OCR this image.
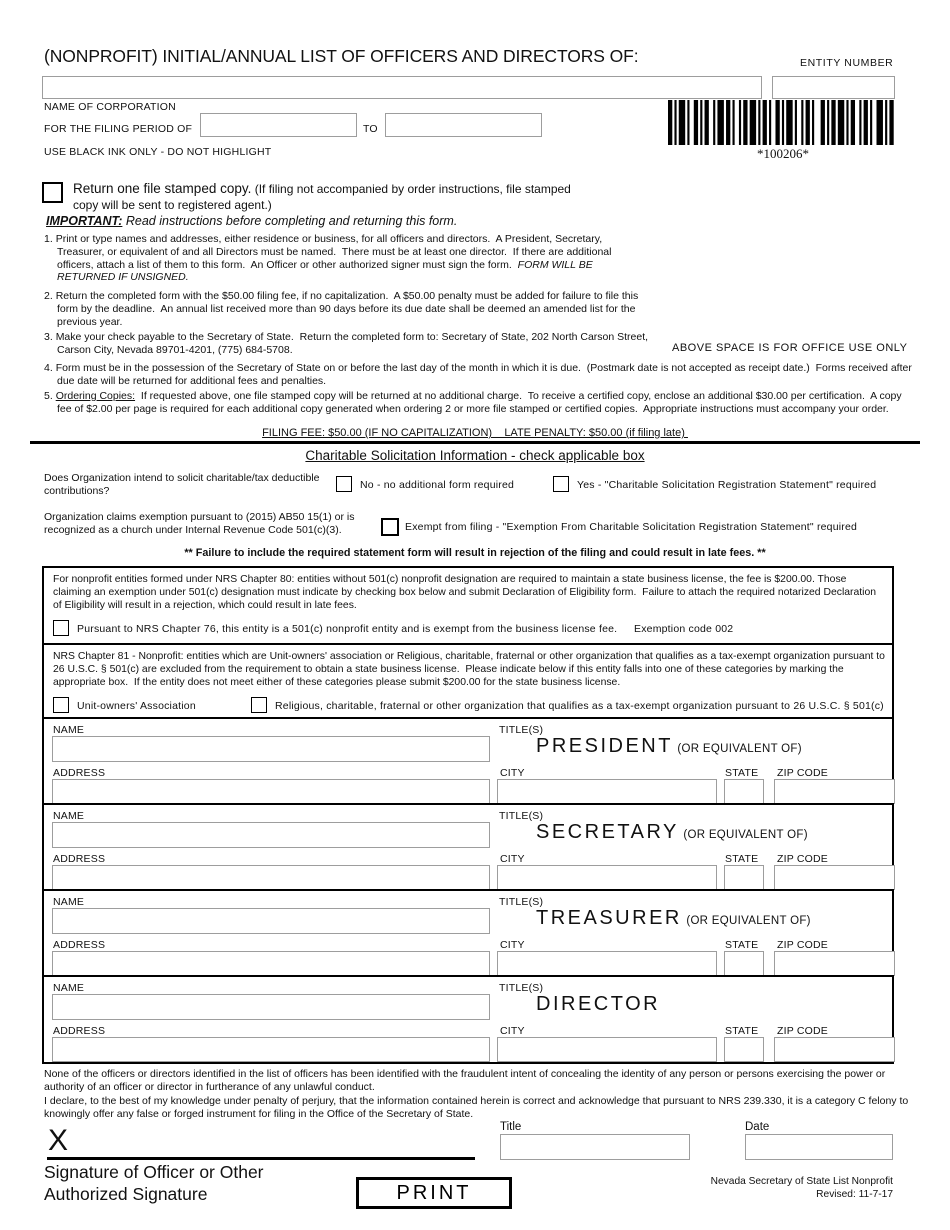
(NONPROFIT) INITIAL/ANNUAL LIST OF OFFICERS AND DIRECTORS OF:	ENTITY NUMBER
NAME OF CORPORATION
FOR THE FILING PERIOD OF	TO
USE BLACK INK ONLY - DO NOT HIGHLIGHT	*100206*
Return one file stamped copy. (If filing not accompanied by order instructions, file stamped copy will be sent to registered agent.)
IMPORTANT: Read instructions before completing and returning this form.
1. Print or type names and addresses, either residence or business, for all officers and directors.  A President, Secretary, Treasurer, or equivalent of and all Directors must be named.  There must be at least one director.  If there are additional officers, attach a list of them to this form.  An Officer or other authorized signer must sign the form.  FORM WILL BE RETURNED IF UNSIGNED.
2. Return the completed form with the $50.00 filing fee, if no capitalization.  A $50.00 penalty must be added for failure to file this form by the deadline.  An annual list received more than 90 days before its due date shall be deemed an amended list for the previous year.
3. Make your check payable to the Secretary of State.  Return the completed form to: Secretary of State, 202 North Carson Street, Carson City, Nevada 89701-4201, (775) 684-5708.	ABOVE SPACE IS FOR OFFICE USE ONLY
4. Form must be in the possession of the Secretary of State on or before the last day of the month in which it is due.  (Postmark date is not accepted as receipt date.)  Forms received after due date will be returned for additional fees and penalties.
5. Ordering Copies:  If requested above, one file stamped copy will be returned at no additional charge.  To receive a certified copy, enclose an additional $30.00 per certification.  A copy fee of $2.00 per page is required for each additional copy generated when ordering 2 or more file stamped or certified copies.  Appropriate instructions must accompany your order.
FILING FEE: $50.00 (IF NO CAPITALIZATION)    LATE PENALTY: $50.00 (if filing late)
Charitable Solicitation Information - check applicable box
Does Organization intend to solicit charitable/tax deductible contributions?	No - no additional form required	Yes - "Charitable Solicitation Registration Statement" required
Organization claims exemption pursuant to (2015) AB50 15(1) or is recognized as a church under Internal Revenue Code 501(c)(3).	Exempt from filing - "Exemption From Charitable Solicitation Registration Statement" required
** Failure to include the required statement form will result in rejection of the filing and could result in late fees. **
For nonprofit entities formed under NRS Chapter 80: entities without 501(c) nonprofit designation are required to maintain a state business license, the fee is $200.00. Those claiming an exemption under 501(c) designation must indicate by checking box below and submit Declaration of Eligibility form.  Failure to attach the required notarized Declaration of Eligibility will result in a rejection, which could result in late fees.
Pursuant to NRS Chapter 76, this entity is a 501(c) nonprofit entity and is exempt from the business license fee. Exemption code 002
NRS Chapter 81 - Nonprofit: entities which are Unit-owners' association or Religious, charitable, fraternal or other organization that qualifies as a tax-exempt organization pursuant to 26 U.S.C. § 501(c) are excluded from the requirement to obtain a state business license.  Please indicate below if this entity falls into one of these categories by marking the appropriate box.  If the entity does not meet either of these categories please submit $200.00 for the state business license.
Unit-owners' Association	Religious, charitable, fraternal or other organization that qualifies as a tax-exempt organization pursuant to 26 U.S.C. § 501(c)
NAME	TITLE(S)
PRESIDENT (OR EQUIVALENT OF)
ADDRESS	CITY	STATE ZIP CODE
NAME	TITLE(S)
SECRETARY (OR EQUIVALENT OF)
ADDRESS	CITY	STATE ZIP CODE
NAME	TITLE(S)
TREASURER (OR EQUIVALENT OF)
ADDRESS	CITY	STATE ZIP CODE
NAME	TITLE(S)
DIRECTOR
ADDRESS	CITY	STATE ZIP CODE
None of the officers or directors identified in the list of officers has been identified with the fraudulent intent of concealing the identity of any person or persons exercising the power or authority of an officer or director in furtherance of any unlawful conduct.
I declare, to the best of my knowledge under penalty of perjury, that the information contained herein is correct and acknowledge that pursuant to NRS 239.330, it is a category C felony to knowingly offer any false or forged instrument for filing in the Office of the Secretary of State.
Title	Date
X
Signature of Officer or Other Authorized Signature	PRINT
Nevada Secretary of State List Nonprofit
Revised: 11-7-17
